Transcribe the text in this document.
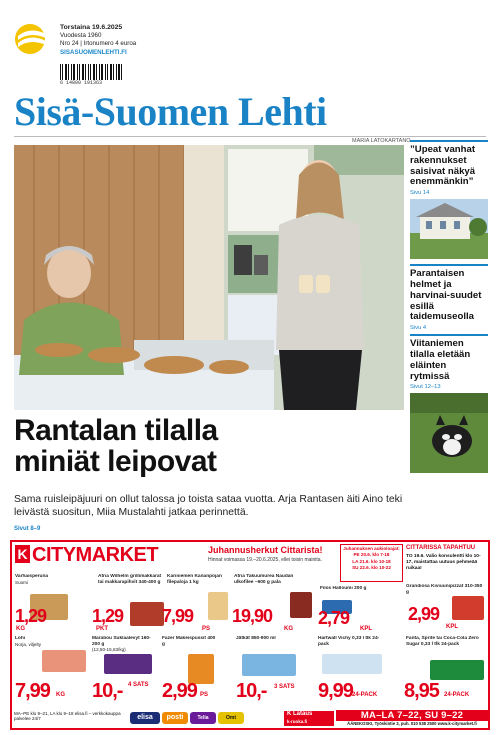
Torstaina 19.6.2025
Vuodesta 1960
Nro 24 | Irtonumero 4 euroa
SISASUOMENLEHTI.FI
6 14800 191363
Sisä-Suomen Lehti
MARIA LATOKARTANO
”Upeat vanhat rakennukset saisivat näkyä enemmänkin”
Sivu 14
Parantaisen helmet ja harvinai-suudet esillä taidemuseolla
Sivu 4
Viitaniemen tilalla eletään eläinten rytmissä
Sivut 12–13
Rantalan tilalla
miniät leipovat
Sama ruisleipäjuuri on ollut talossa jo toista sataa vuotta. Arja Rantasen äiti Aino teki leivästä suositun, Miia Mustalahti jatkaa perinnettä.
Sivut 8–9
K CITYMARKET	Juhannusherkut Cittarista!
Hinnat voimassa 19.–20.6.2025, ellei toisin mainita.
Juhannuksen aukioloajat:
PE 20.6. klo 7-18
LA 21.6. klo 10-18
SU 22.6. klo 10-22
CITTARISSA TAPAHTUU
TO 19.6. Valio konsulentti klo 10-17, maistattaa uutuus pehmeää ruikaa!
Varhaisperuna
Suomi
1,29
KG
Atria Wilhelm grillimakkarat tai makkarapihvit 340-400 g
1,29
PKT
Kariniemen Kananpojan filepaloja 1 kg
7,99
PS
Atria Takuumurea Naudan ulkofilee ~600 g pala
19,90
KG
Filos Halloumi 200 g
2,79
KPL
Grandiosa Kiviuunipizzat 310-350 g
2,99
KPL
Lohi
Norja, viljelty
7,99 KG
Marabou Suklaalevyt 160-200 g
(12,50-15,63/kg)
10,- 4 SATS
Fazer Makeispussit 400 g
2,99 PS
Jätkät 850-900 ml
10,- 3 SATS
Hartwall Vichy 0,33 l tlk 24-pack
9,99 24-PACK
Fanta, Sprite tai Coca-Cola Zero Sugar 0,33 l tlk 24-pack
8,95 24-PACK
MA–PE klo 9–21, LA klo 9–18 elisa.fi – verkkokauppa palvelee 24/7	elisa	posti	Telia	Omt
K Lataus
k-ruoka.fi
MA–LA 7–22, SU 9–22
ÄÄNEKOSKI, Työskintie 3, puh. 010 538 2500 www.k-citymarket.fi
